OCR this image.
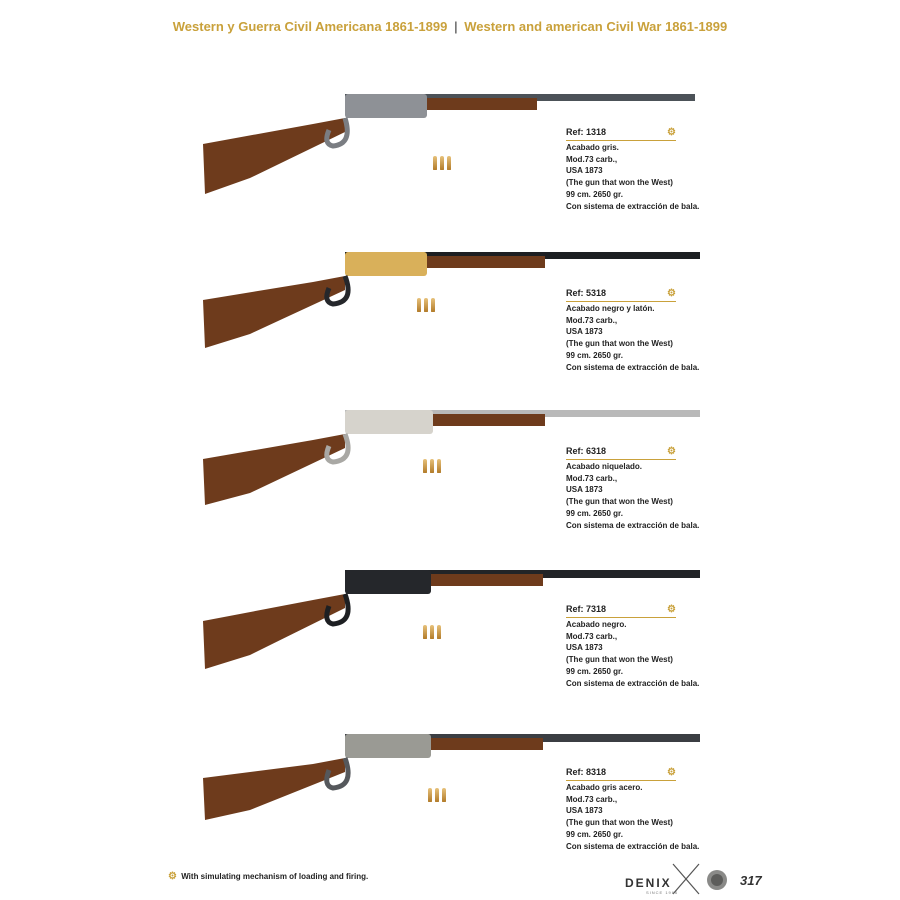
Western y Guerra Civil Americana 1861-1899 | Western and american Civil War 1861-1899
Ref: 1318	⚙
Acabado gris.
Mod.73 carb.,
USA 1873
(The gun that won the West)
99 cm. 2650 gr.
Con sistema de extracción de bala.
Ref: 5318	⚙
Acabado negro y latón.
Mod.73 carb.,
USA 1873
(The gun that won the West)
99 cm. 2650 gr.
Con sistema de extracción de bala.
Ref: 6318	⚙
Acabado niquelado.
Mod.73 carb.,
USA 1873
(The gun that won the West)
99 cm. 2650 gr.
Con sistema de extracción de bala.
Ref: 7318	⚙
Acabado negro.
Mod.73 carb.,
USA 1873
(The gun that won the West)
99 cm. 2650 gr.
Con sistema de extracción de bala.
Ref: 8318	⚙
Acabado gris acero.
Mod.73 carb.,
USA 1873
(The gun that won the West)
99 cm. 2650 gr.
Con sistema de extracción de bala.
⚙ With simulating mechanism of loading and firing.	DENIX
SINCE 1966
317
